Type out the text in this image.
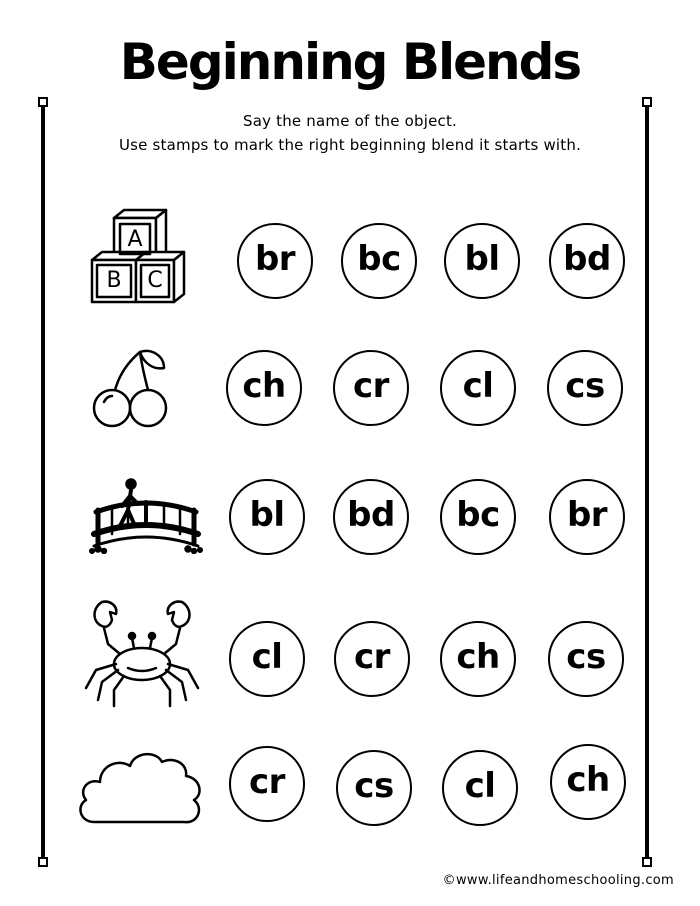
Beginning Blends
Say the name of the object.
Use stamps to mark the right beginning blend it starts with.
A
B	C
br bc bl bd
ch cr cl cs
bl bd bc br
cl cr ch cs
cr cs cl ch
©www.lifeandhomeschooling.com
